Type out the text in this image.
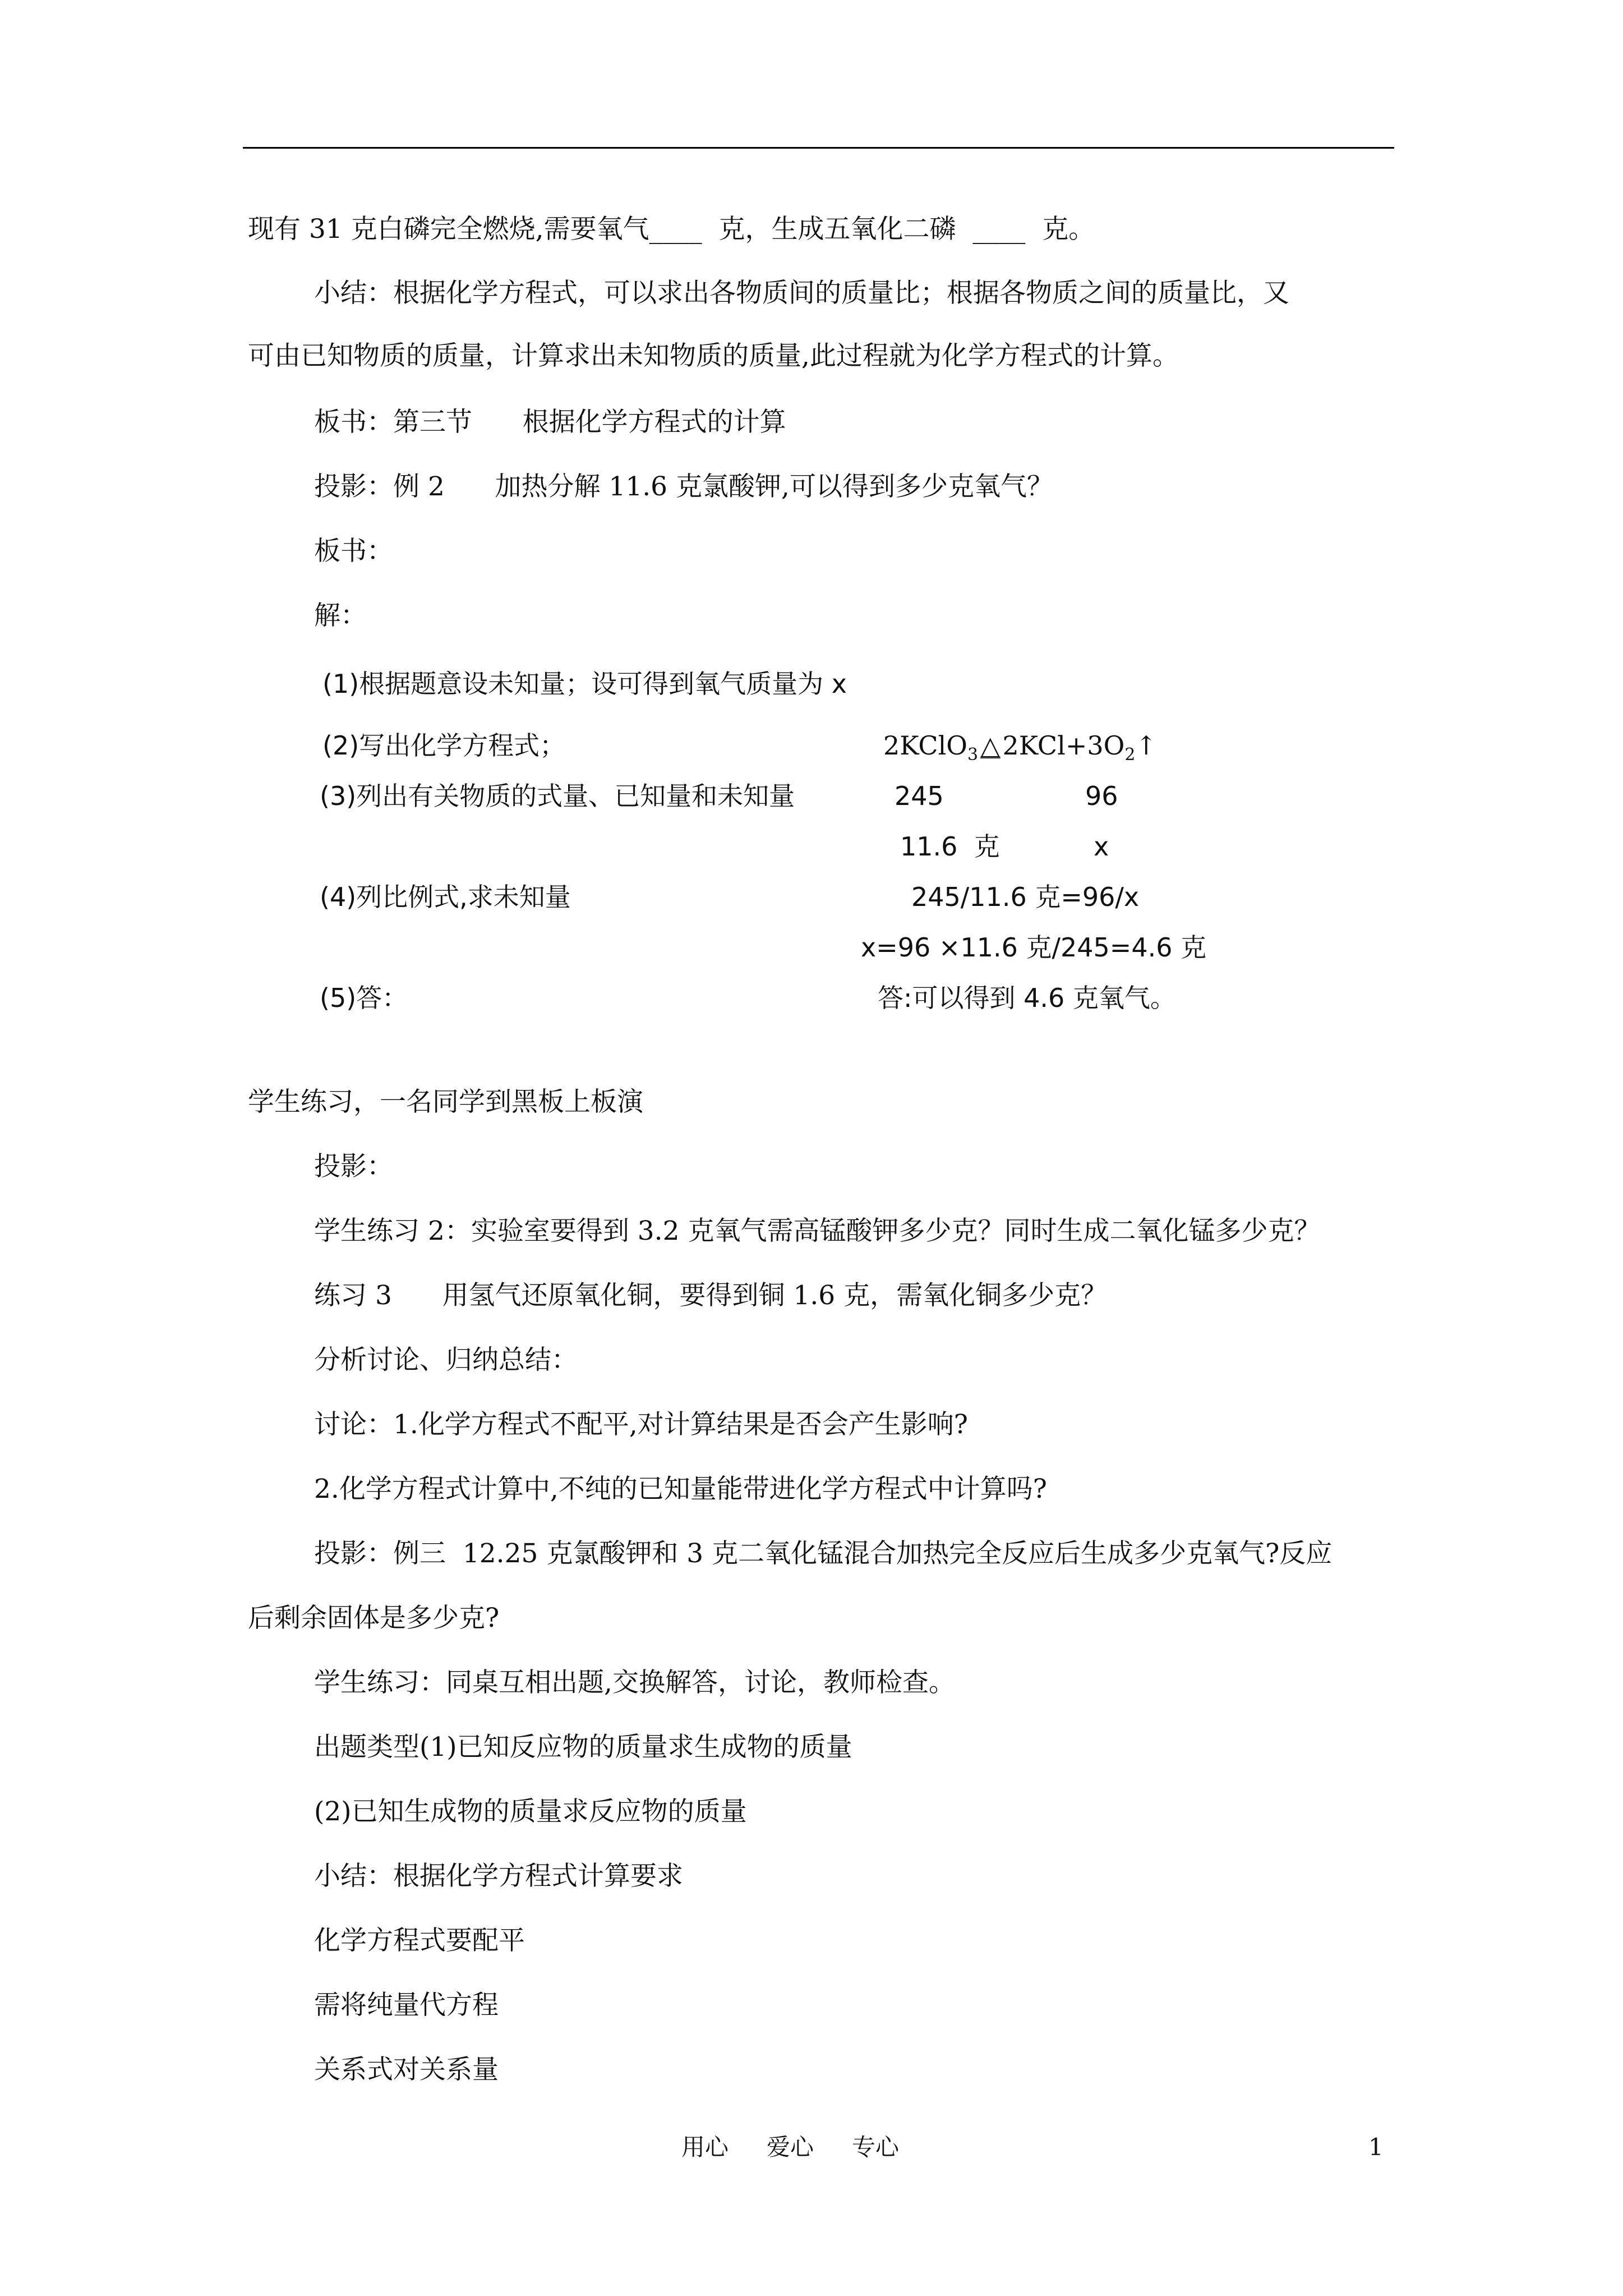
现有 31 克白磷完全燃烧,需要氧气____  克，生成五氧化二磷  ____  克。
小结：根据化学方程式，可以求出各物质间的质量比；根据各物质之间的质量比，又
可由已知物质的质量，计算求出未知物质的质量,此过程就为化学方程式的计算。
板书：第三节      根据化学方程式的计算
投影：例 2      加热分解 11.6 克氯酸钾,可以得到多少克氧气？
板书：
解：
(1)根据题意设未知量；设可得到氧气质量为 x
(2)写出化学方程式；	$2KClO_3\triangle 2KCl+3O_2↑$
(3)列出有关物质的式量、已知量和未知量	245	96
11.6  克	x
(4)列比例式,求未知量	245/11.6 克=96/x
x=96 ×11.6 克/245=4.6 克
(5)答：	答:可以得到 4.6 克氧气。
学生练习，一名同学到黑板上板演
投影：
学生练习 2：实验室要得到 3.2 克氧气需高锰酸钾多少克？同时生成二氧化锰多少克？
练习 3      用氢气还原氧化铜，要得到铜 1.6 克，需氧化铜多少克？
分析讨论、归纳总结：
讨论：1.化学方程式不配平,对计算结果是否会产生影响?
2.化学方程式计算中,不纯的已知量能带进化学方程式中计算吗?
投影：例三  12.25 克氯酸钾和 3 克二氧化锰混合加热完全反应后生成多少克氧气?反应
后剩余固体是多少克?
学生练习：同桌互相出题,交换解答，讨论，教师检查。
出题类型(1)已知反应物的质量求生成物的质量
(2)已知生成物的质量求反应物的质量
小结：根据化学方程式计算要求
化学方程式要配平
需将纯量代方程
关系式对关系量
用心 爱心 专心	1
